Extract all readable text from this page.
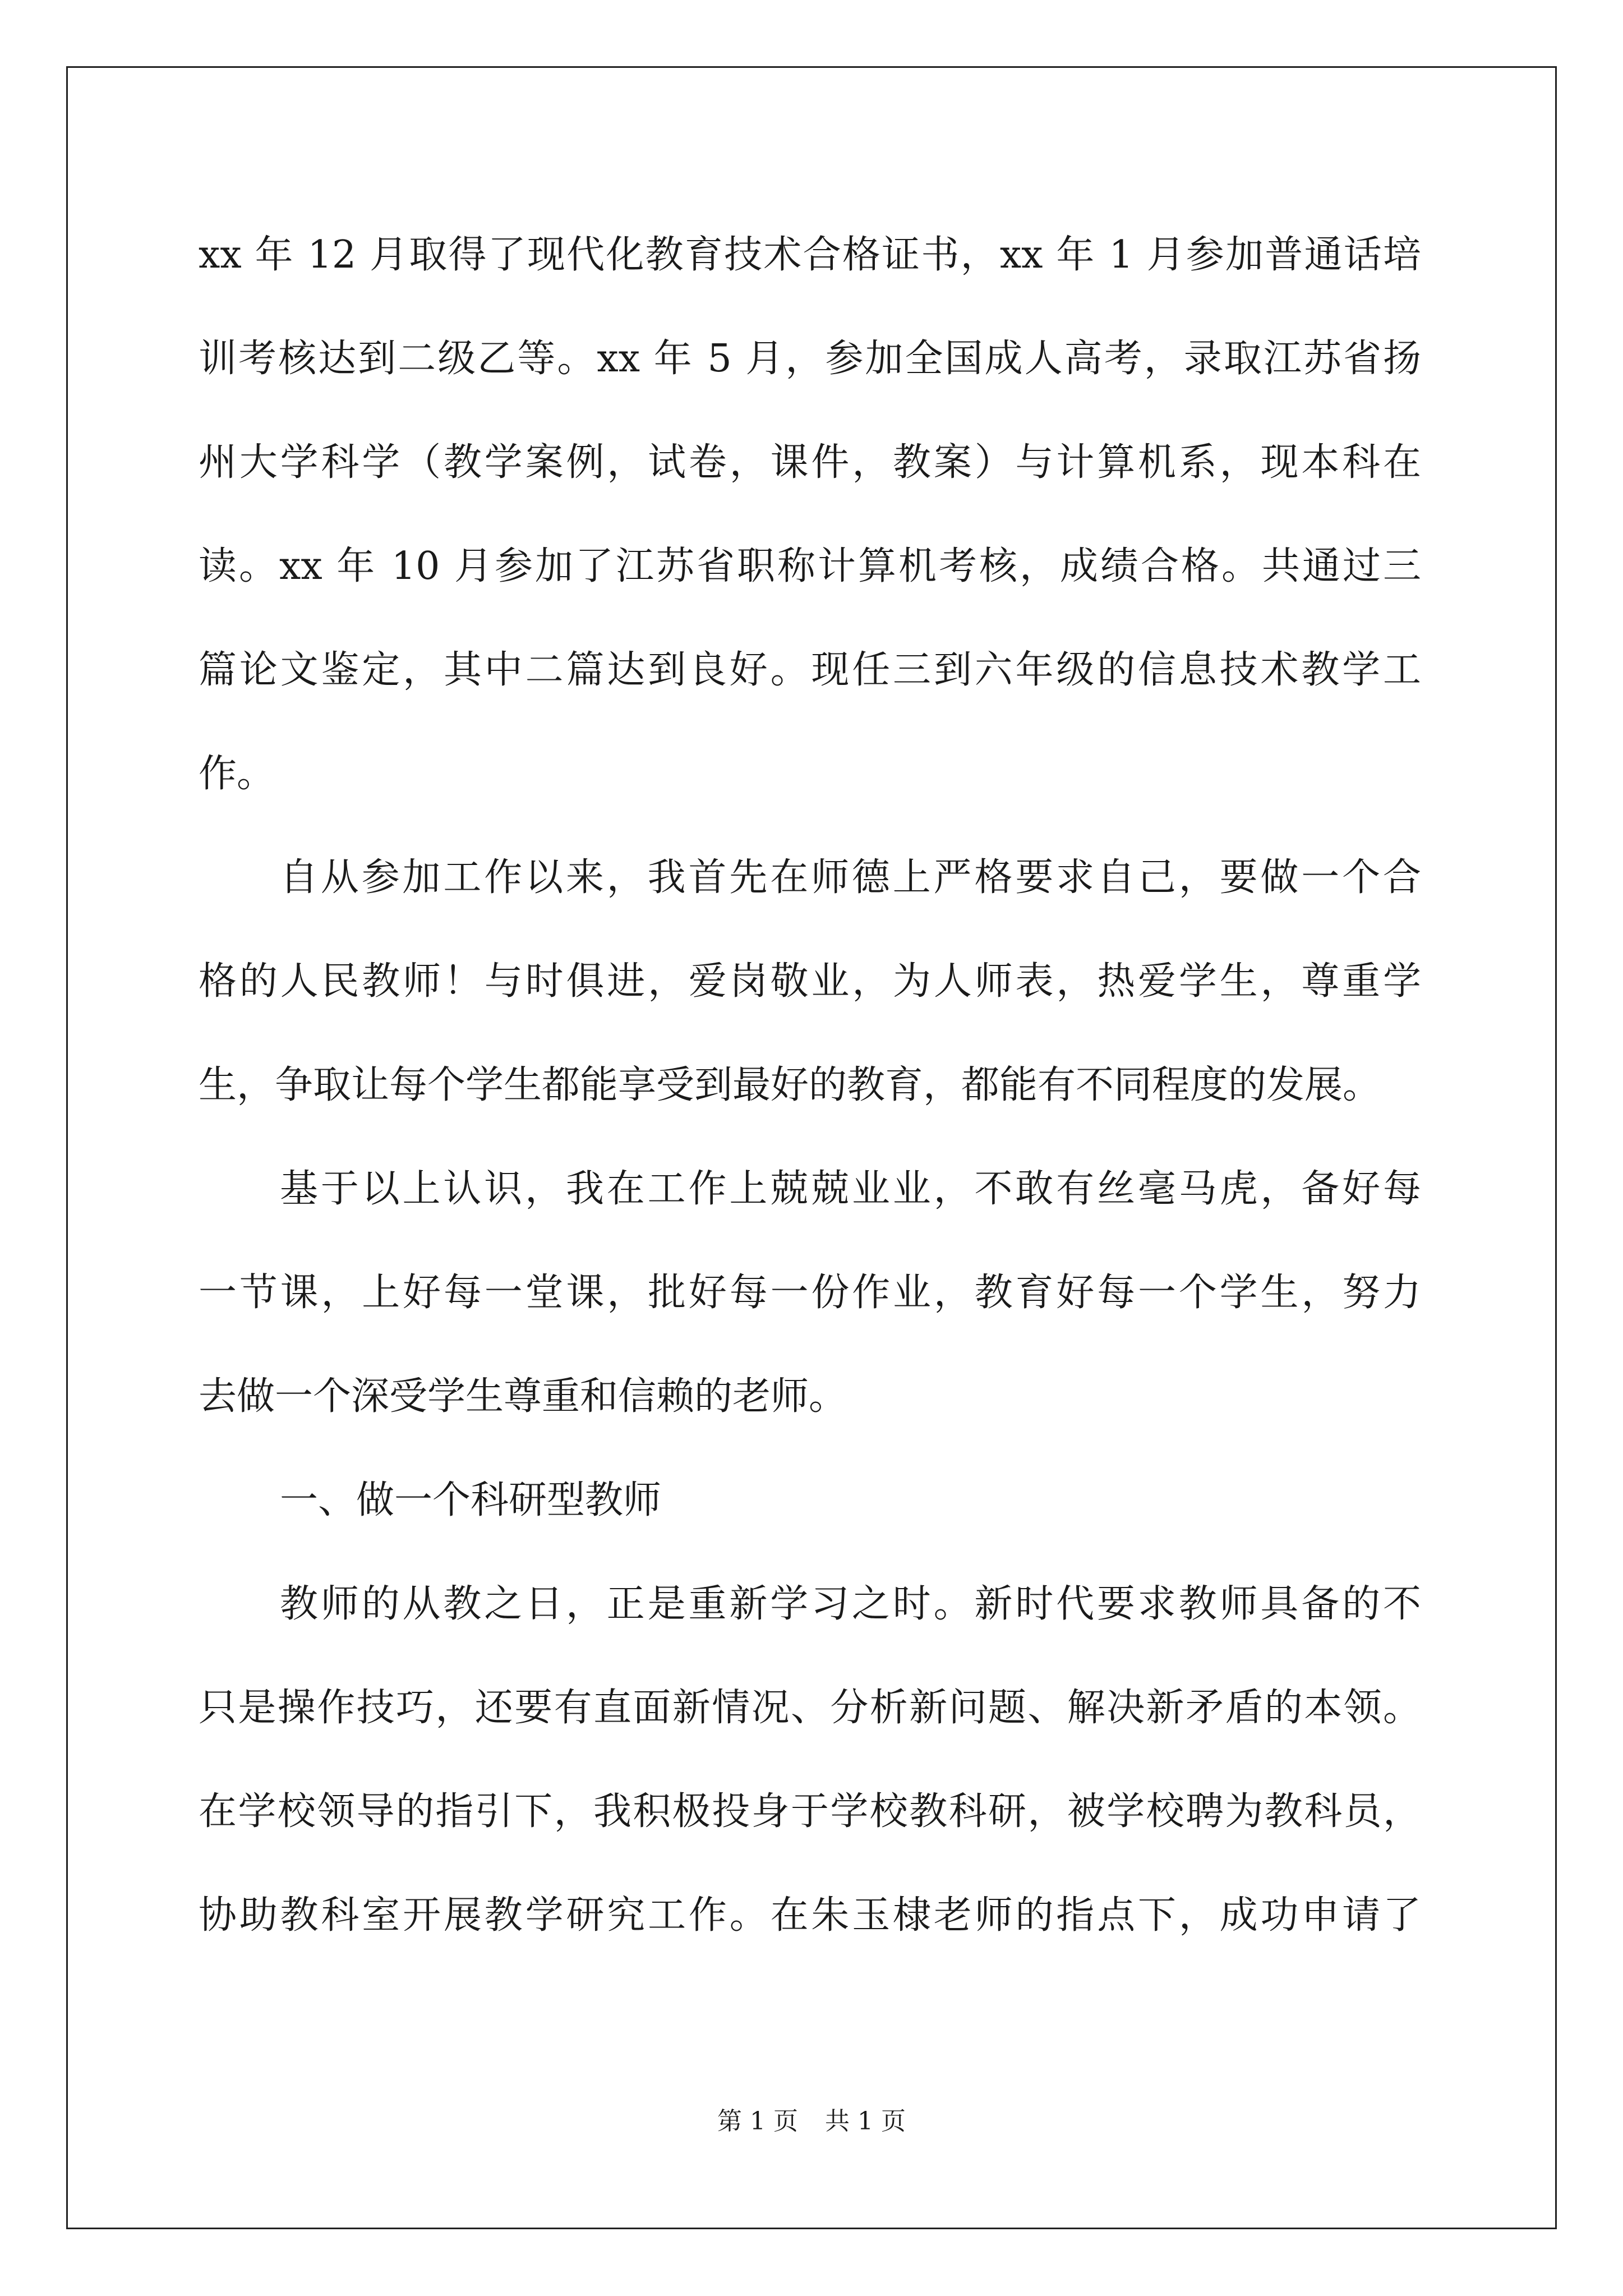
xx 年 12 月取得了现代化教育技术合格证书，xx 年 1 月参加普通话培
训考核达到二级乙等。xx 年 5 月，参加全国成人高考，录取江苏省扬
州大学科学（教学案例，试卷，课件，教案）与计算机系，现本科在
读。xx 年 10 月参加了江苏省职称计算机考核，成绩合格。共通过三
篇论文鉴定，其中二篇达到良好。现任三到六年级的信息技术教学工
作。
自从参加工作以来，我首先在师德上严格要求自己，要做一个合
格的人民教师！与时俱进，爱岗敬业，为人师表，热爱学生，尊重学
生，争取让每个学生都能享受到最好的教育，都能有不同程度的发展。
基于以上认识，我在工作上兢兢业业，不敢有丝毫马虎，备好每
一节课，上好每一堂课，批好每一份作业，教育好每一个学生，努力
去做一个深受学生尊重和信赖的老师。
一、做一个科研型教师
教师的从教之日，正是重新学习之时。新时代要求教师具备的不
只是操作技巧，还要有直面新情况、分析新问题、解决新矛盾的本领。
在学校领导的指引下，我积极投身于学校教科研，被学校聘为教科员，
协助教科室开展教学研究工作。在朱玉棣老师的指点下，成功申请了
第 1 页 共 1 页
